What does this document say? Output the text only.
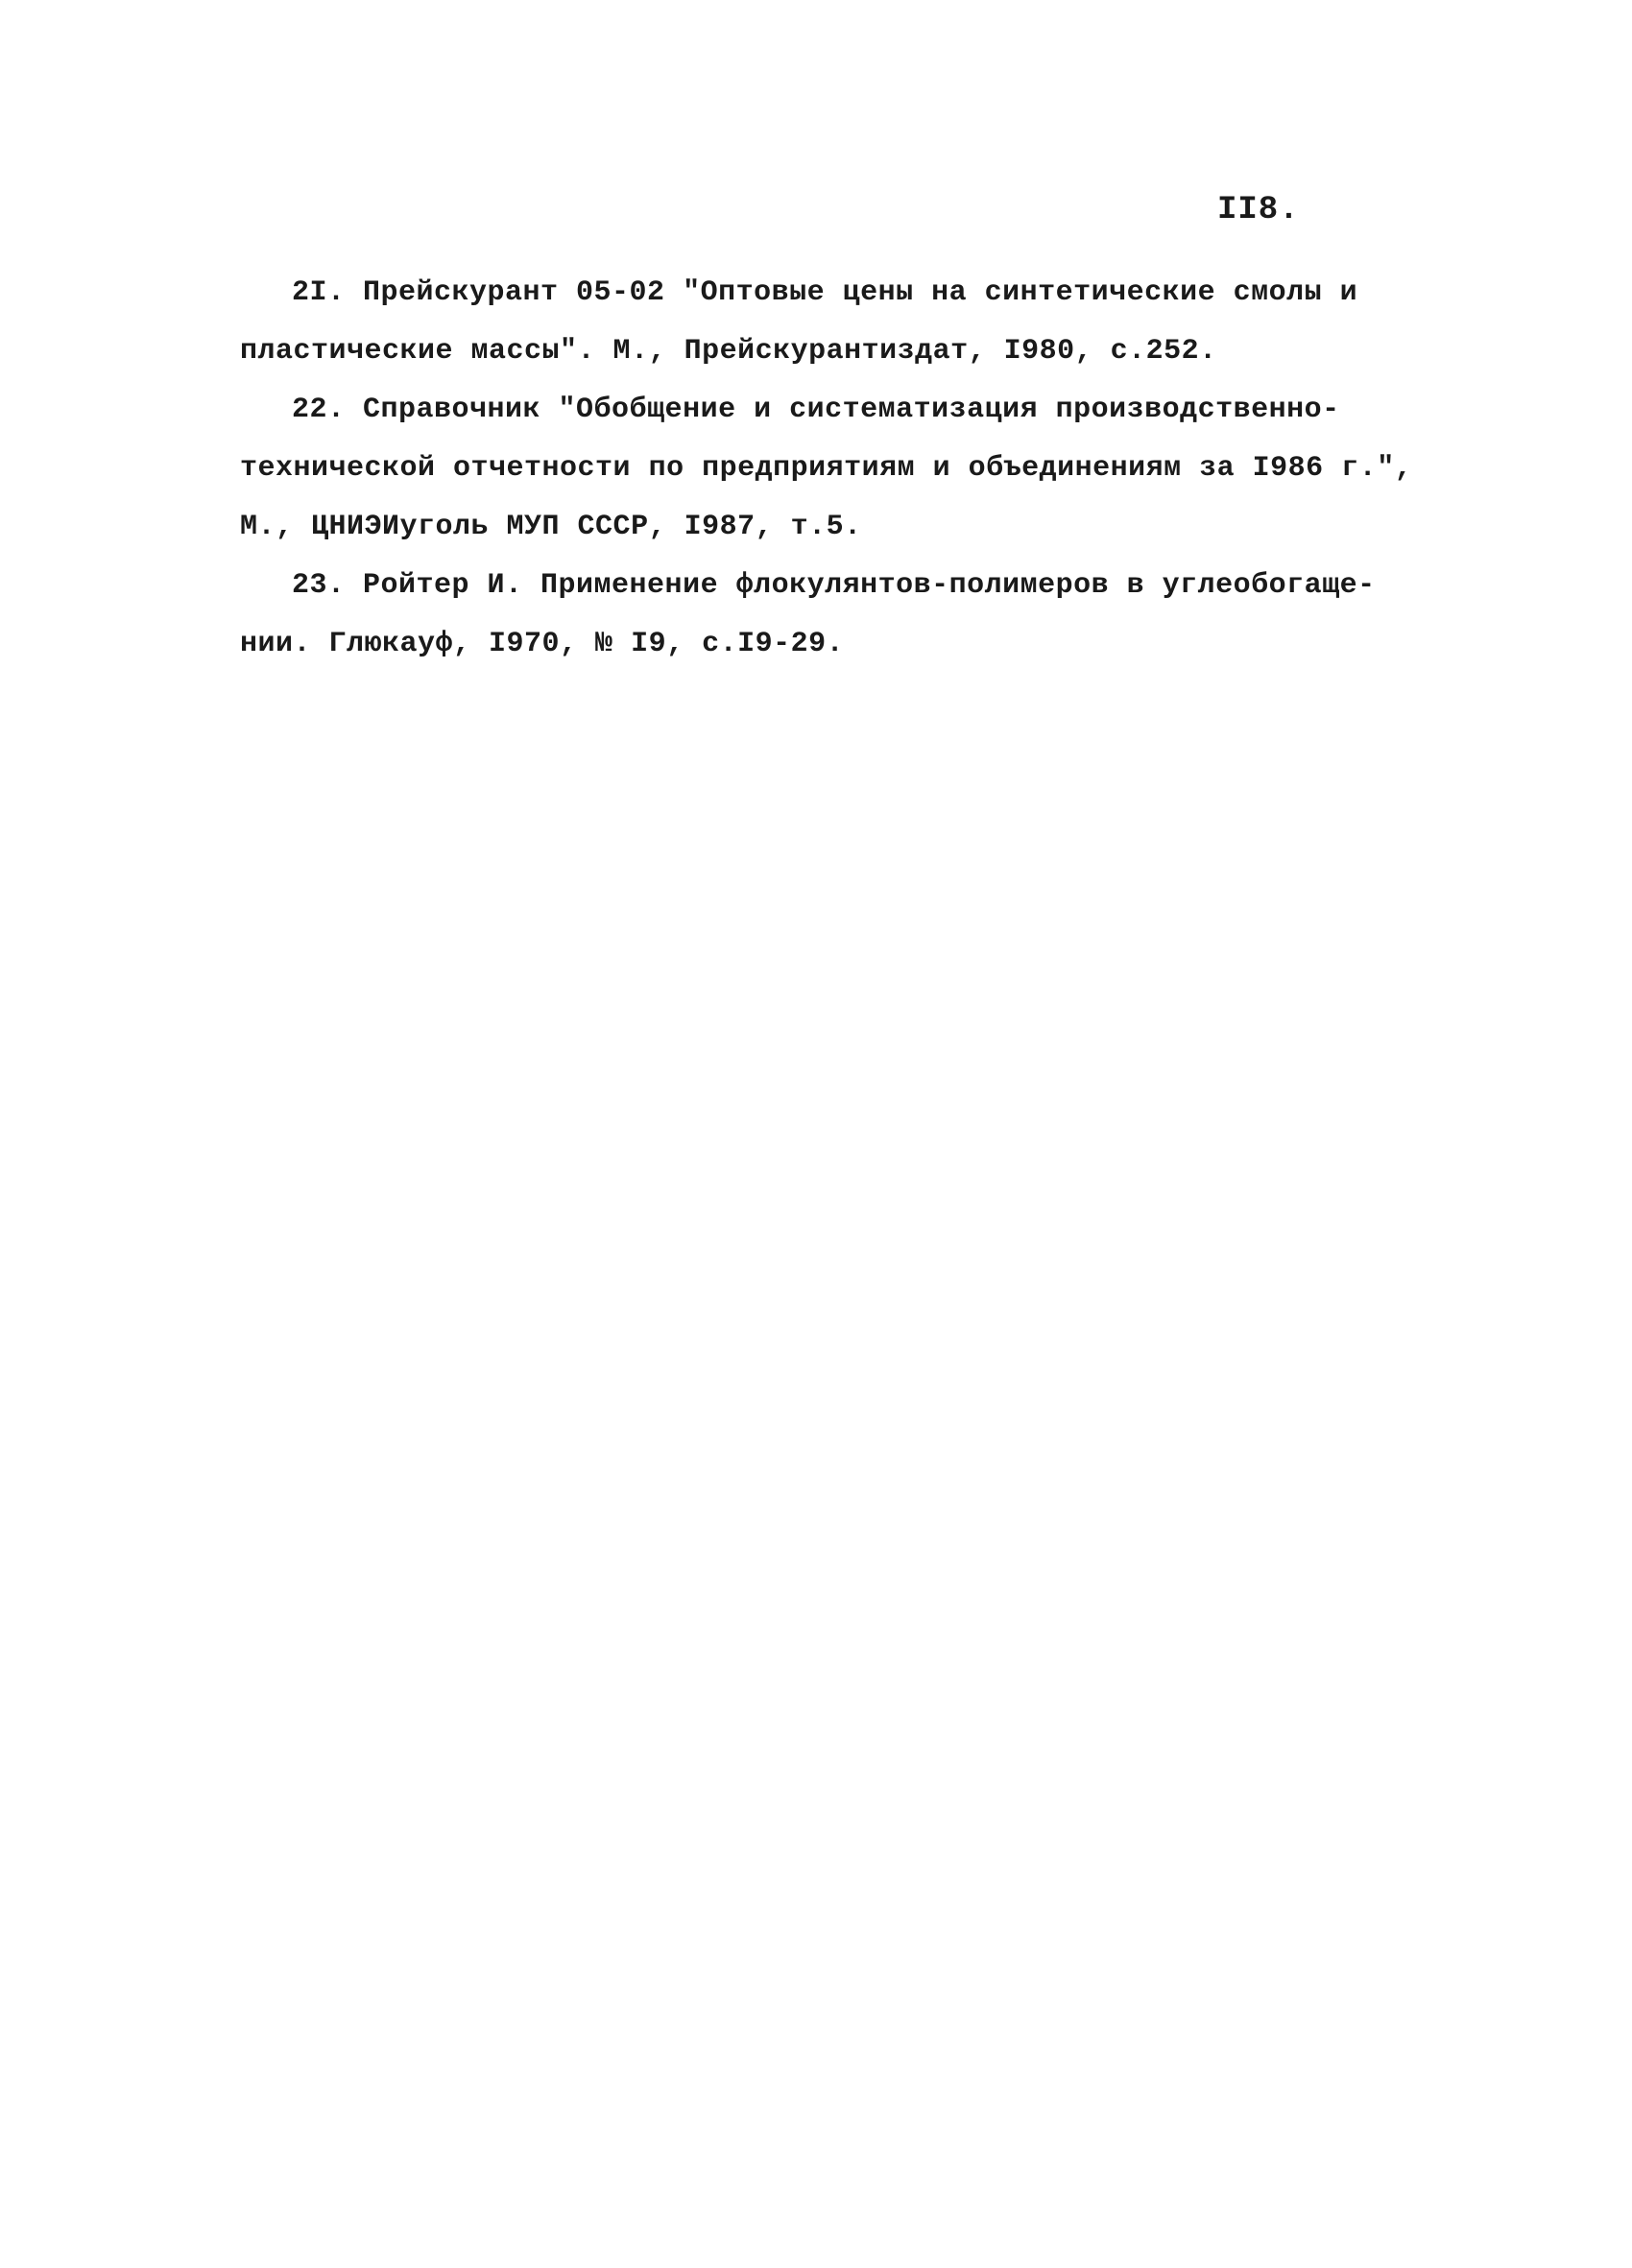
II8.
2I. Прейскурант 05-02 "Оптовые цены на синтетические смолы и
пластические массы". М., Прейскурантиздат, I980, с.252.
22. Справочник "Обобщение и систематизация производственно-
технической отчетности по предприятиям и объединениям за I986 г.",
М., ЦНИЭИуголь МУП СССР, I987, т.5.
23. Ройтер И. Применение флокулянтов-полимеров в углеобогаще-
нии. Глюкауф, I970, № I9, с.I9-29.
